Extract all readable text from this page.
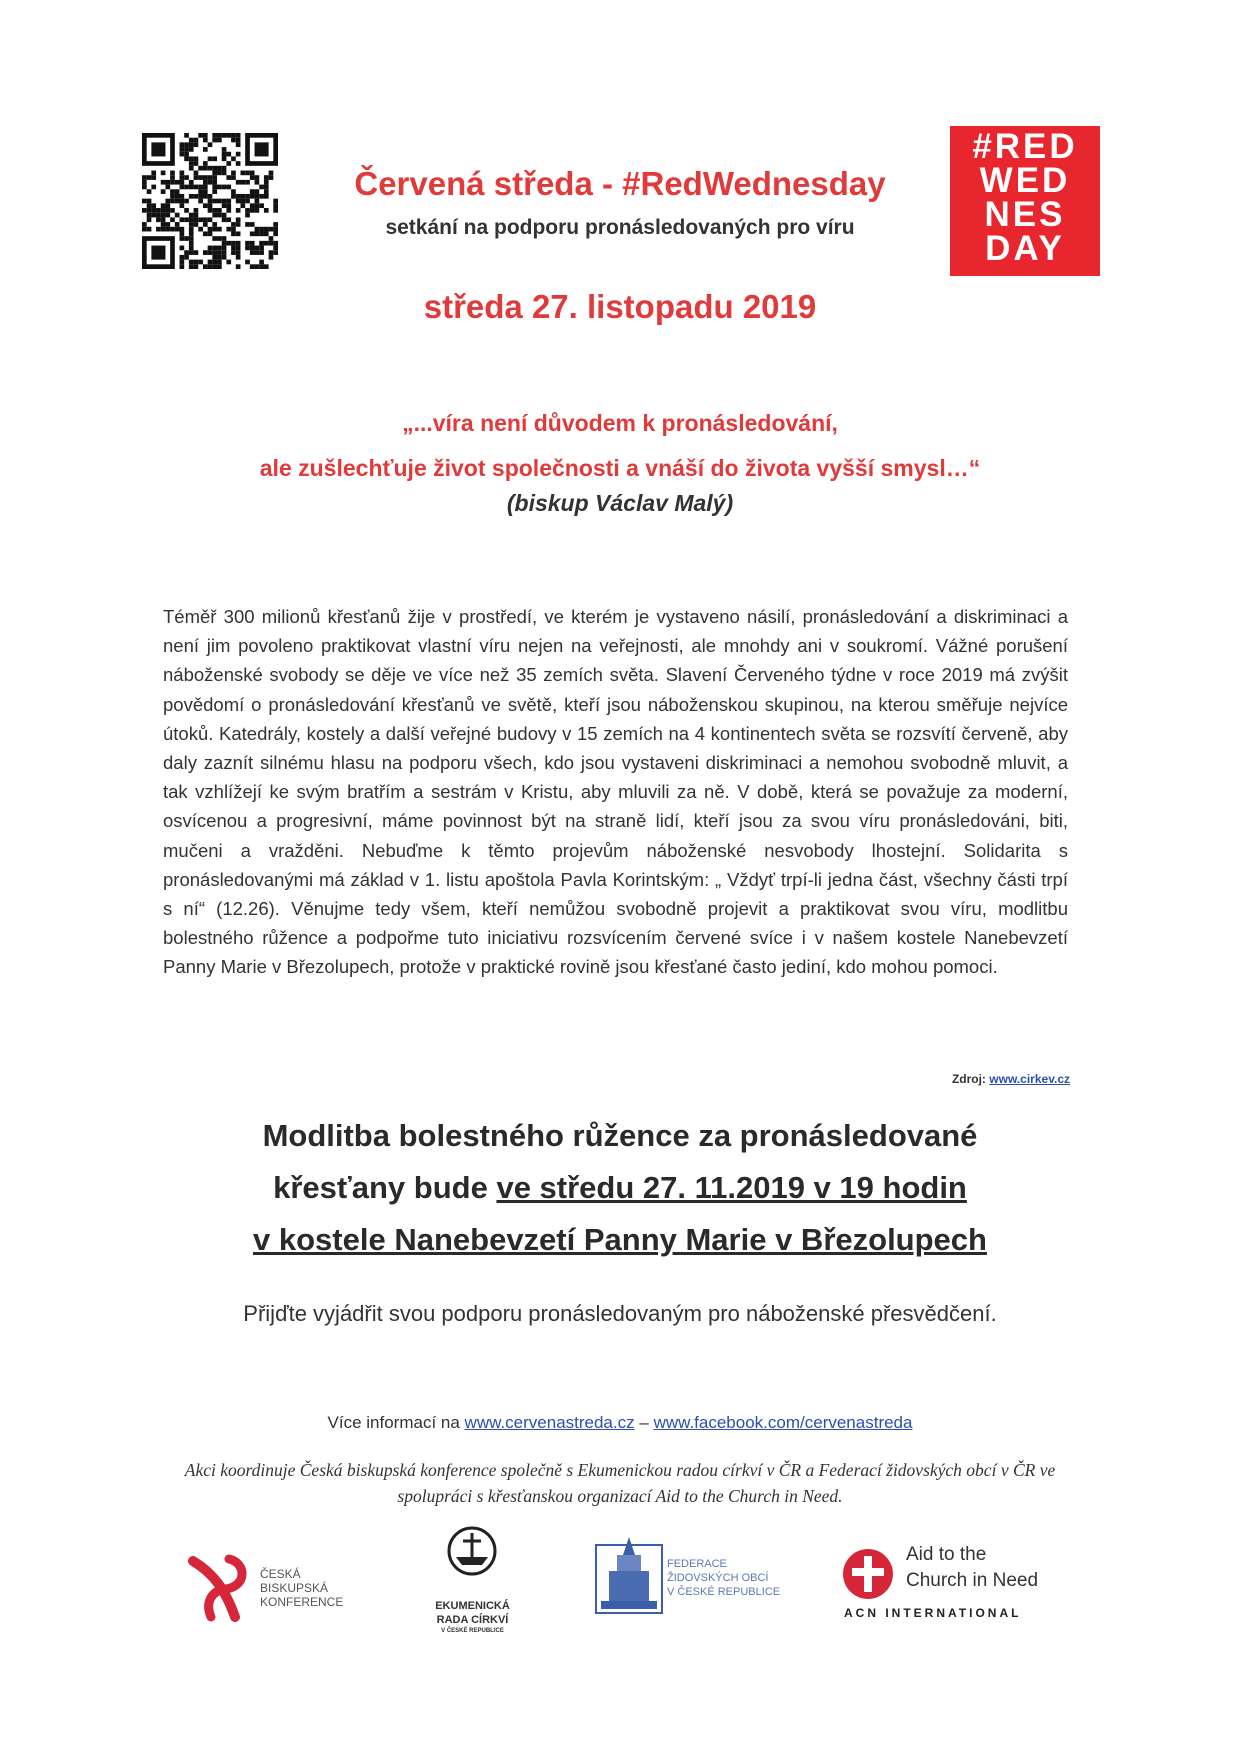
Červená středa - #RedWednesday
setkání na podporu pronásledovaných pro víru
#RED
WED
NES
DAY
středa 27. listopadu 2019
„...víra není důvodem k pronásledování,
ale zušlechťuje život společnosti a vnáší do života vyšší smysl…“
(biskup Václav Malý)
Téměř 300 milionů křesťanů žije v prostředí, ve kterém je vystaveno násilí, pronásledování a diskriminaci a není jim povoleno praktikovat vlastní víru nejen na veřejnosti, ale mnohdy ani v soukromí. Vážné porušení náboženské svobody se děje ve více než 35 zemích světa. Slavení Červeného týdne v roce 2019 má zvýšit povědomí o pronásledování křesťanů ve světě, kteří jsou náboženskou skupinou, na kterou směřuje nejvíce útoků. Katedrály, kostely a další veřejné budovy v 15 zemích na 4 kontinentech světa se rozsvítí červeně, aby daly zaznít silnému hlasu na podporu všech, kdo jsou vystaveni diskriminaci a nemohou svobodně mluvit, a tak vzhlížejí ke svým bratřím a sestrám v Kristu, aby mluvili za ně. V době, která se považuje za moderní, osvícenou a progresivní, máme povinnost být na straně lidí, kteří jsou za svou víru pronásledováni, biti, mučeni a vražděni. Nebuďme k těmto projevům náboženské nesvobody lhostejní. Solidarita s pronásledovanými má základ v 1. listu apoštola Pavla Korintským: „ Vždyť trpí-li jedna část, všechny části trpí s ní“ (12.26). Věnujme tedy všem, kteří nemůžou svobodně projevit a praktikovat svou víru, modlitbu bolestného růžence a podpořme tuto iniciativu rozsvícením červené svíce i v našem kostele Nanebevzetí Panny Marie v Březolupech, protože v praktické rovině jsou křesťané často jediní, kdo mohou pomoci.
Zdroj: www.cirkev.cz
Modlitba bolestného růžence za pronásledované
křesťany bude ve středu 27. 11.2019 v 19 hodin
v kostele Nanebevzetí Panny Marie v Březolupech
Přijďte vyjádřit svou podporu pronásledovaným pro náboženské přesvědčení.
Více informací na www.cervenastreda.cz – www.facebook.com/cervenastreda
Akci koordinuje Česká biskupská konference společně s Ekumenickou radou církví v ČR a Federací židovských obcí v ČR ve spolupráci s křesťanskou organizací Aid to the Church in Need.
ČESKÁ
BISKUPSKÁ
KONFERENCE	EKUMENICKÁ
RADA CÍRKVÍ
V ČESKÉ REPUBLICE
FEDERACE
ŽIDOVSKÝCH OBCÍ
V ČESKÉ REPUBLICE
Aid to the
Church in Need
ACN INTERNATIONAL
